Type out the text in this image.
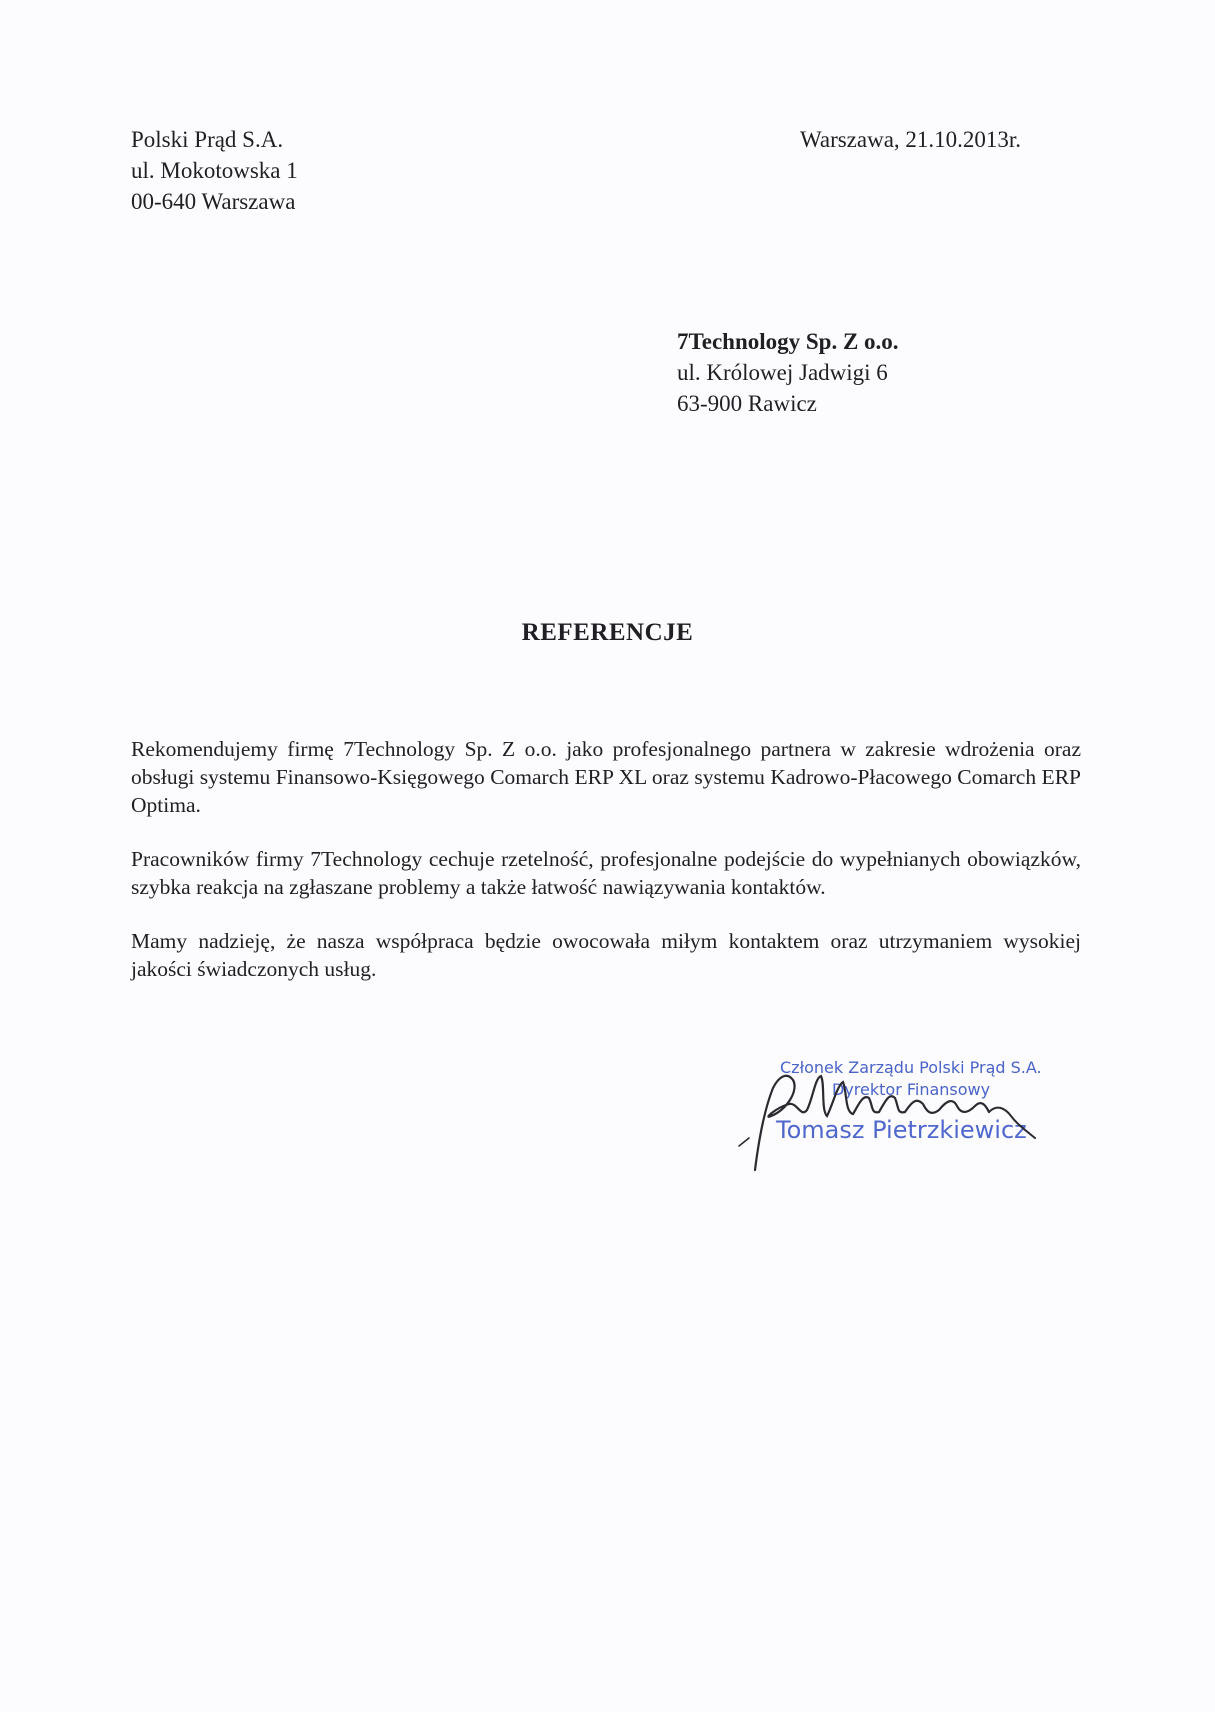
Polski Prąd S.A.
ul. Mokotowska 1
00-640 Warszawa
Warszawa, 21.10.2013r.
7Technology Sp. Z o.o.
ul. Królowej Jadwigi 6
63-900 Rawicz
REFERENCJE

Rekomendujemy firmę 7Technology Sp. Z o.o. jako profesjonalnego partnera w zakresie wdrożenia oraz obsługi systemu Finansowo-Księgowego Comarch ERP XL oraz systemu Kadrowo-Płacowego Comarch ERP Optima.

Pracowników firmy 7Technology cechuje rzetelność, profesjonalne podejście do wypełnianych obowiązków, szybka reakcja na zgłaszane problemy a także łatwość nawiązywania kontaktów.

Mamy nadzieję, że nasza współpraca będzie owocowała miłym kontaktem oraz utrzymaniem wysokiej jakości świadczonych usług.

Członek Zarządu Polski Prąd S.A.
Dyrektor Finansowy
Tomasz Pietrzkiewicz
